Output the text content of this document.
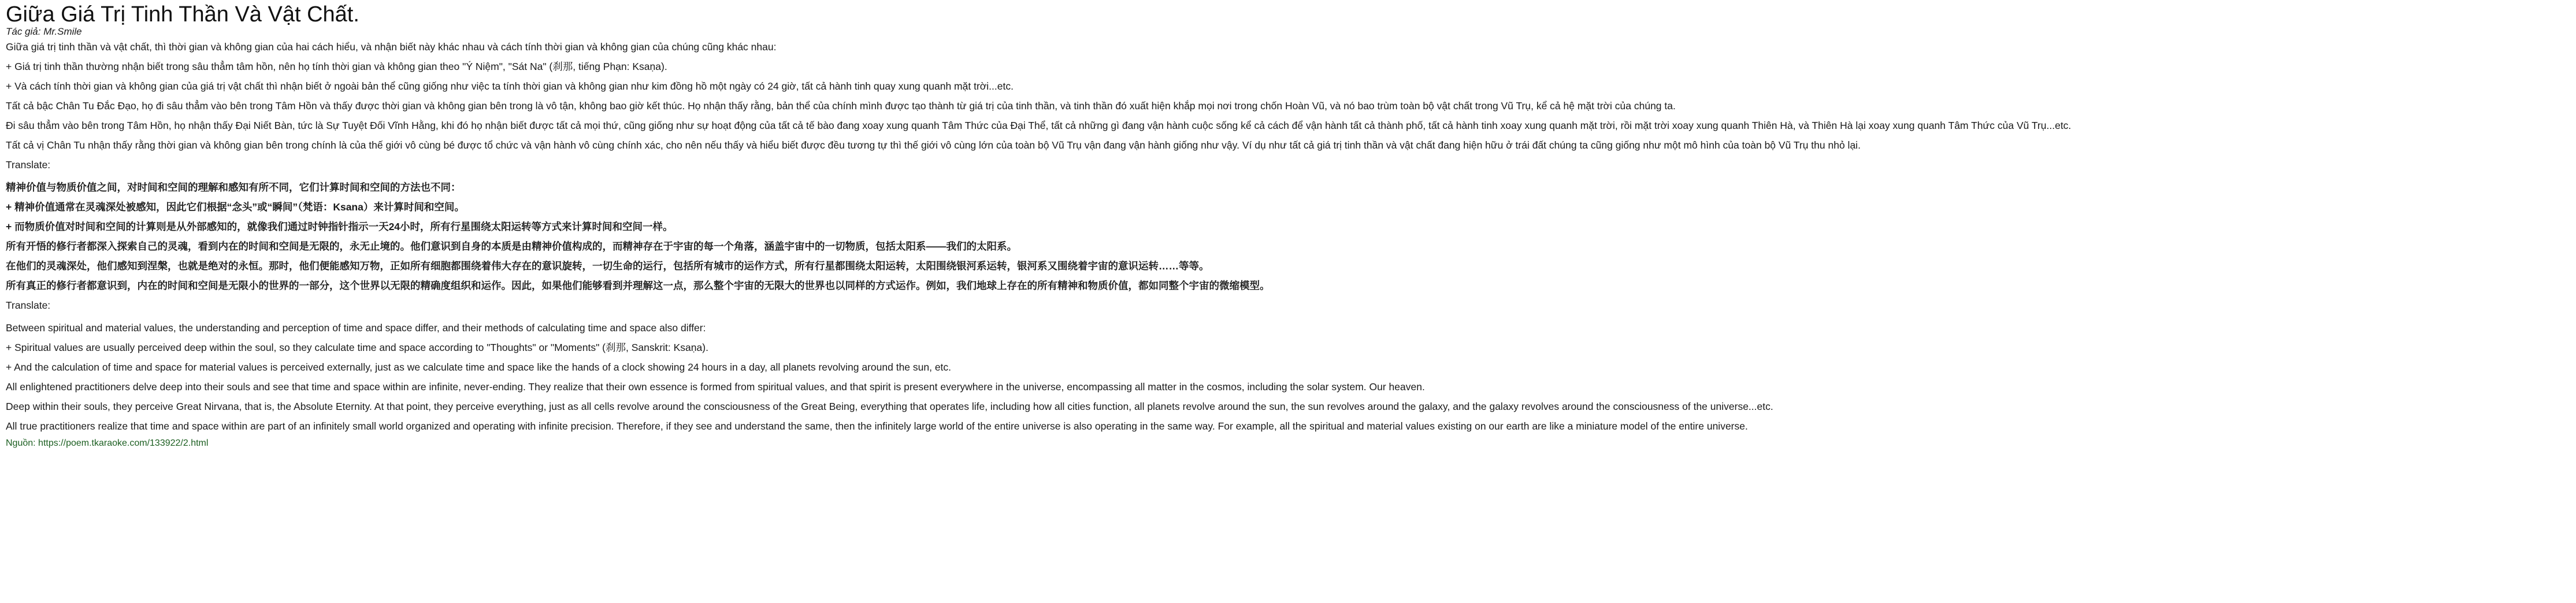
Giữa Giá Trị Tinh Thần Và Vật Chất.
Tác giả: Mr.Smile
Giữa giá trị tinh thần và vật chất, thì thời gian và không gian của hai cách hiểu, và nhận biết này khác nhau và cách tính thời gian và không gian của chúng cũng khác nhau:
+ Giá trị tinh thần thường nhận biết trong sâu thẳm tâm hồn, nên họ tính thời gian và không gian theo "Ý Niệm", "Sát Na" (刹那, tiếng Phạn: Ksaṇa).
+ Và cách tính thời gian và không gian của giá trị vật chất thì nhận biết ở ngoài bản thể cũng giống như việc ta tính thời gian và không gian như kim đồng hồ một ngày có 24 giờ, tất cả hành tinh quay xung quanh mặt trời...etc.
Tất cả bậc Chân Tu Đắc Đạo, họ đi sâu thẳm vào bên trong Tâm Hồn và thấy được thời gian và không gian bên trong là vô tận, không bao giờ kết thúc. Họ nhận thấy rằng, bản thể của chính mình được tạo thành từ giá trị của tinh thần, và tinh thần đó xuất hiện khắp mọi nơi trong chốn Hoàn Vũ, và nó bao trùm toàn bộ vật chất trong Vũ Trụ, kể cả hệ mặt trời của chúng ta.
Đi sâu thẳm vào bên trong Tâm Hồn, họ nhận thấy Đại Niết Bàn, tức là Sự Tuyệt Đối Vĩnh Hằng, khi đó họ nhận biết được tất cả mọi thứ, cũng giống như sự hoạt động của tất cả tế bào đang xoay xung quanh Tâm Thức của Đại Thể, tất cả những gì đang vận hành cuộc sống kể cả cách để vận hành tất cả thành phố, tất cả hành tinh xoay xung quanh mặt trời, rồi mặt trời xoay xung quanh Thiên Hà, và Thiên Hà lại xoay xung quanh Tâm Thức của Vũ Trụ...etc.
Tất cả vị Chân Tu nhận thấy rằng thời gian và không gian bên trong chính là của thế giới vô cùng bé được tổ chức và vận hành vô cùng chính xác, cho nên nếu thấy và hiểu biết được đều tương tự thì thế giới vô cùng lớn của toàn bộ Vũ Trụ vận đang vận hành giống như vậy. Ví dụ như tất cả giá trị tinh thần và vật chất đang hiện hữu ở trái đất chúng ta cũng giống như một mô hình của toàn bộ Vũ Trụ thu nhỏ lại.
Translate:
精神价值与物质价值之间，对时间和空间的理解和感知有所不同，它们计算时间和空间的方法也不同：
+ 精神价值通常在灵魂深处被感知，因此它们根据“念头”或“瞬间”（梵语：Ksana）来计算时间和空间。
+ 而物质价值对时间和空间的计算则是从外部感知的，就像我们通过时钟指针指示一天24小时，所有行星围绕太阳运转等方式来计算时间和空间一样。
所有开悟的修行者都深入探索自己的灵魂，看到内在的时间和空间是无限的，永无止境的。他们意识到自身的本质是由精神价值构成的，而精神存在于宇宙的每一个角落，涵盖宇宙中的一切物质，包括太阳系——我们的太阳系。
在他们的灵魂深处，他们感知到涅槃，也就是绝对的永恒。那时，他们便能感知万物，正如所有细胞都围绕着伟大存在的意识旋转，一切生命的运行，包括所有城市的运作方式，所有行星都围绕太阳运转，太阳围绕银河系运转，银河系又围绕着宇宙的意识运转……等等。
所有真正的修行者都意识到，内在的时间和空间是无限小的世界的一部分，这个世界以无限的精确度组织和运作。因此，如果他们能够看到并理解这一点，那么整个宇宙的无限大的世界也以同样的方式运作。例如，我们地球上存在的所有精神和物质价值，都如同整个宇宙的微缩模型。
Translate:
Between spiritual and material values, the understanding and perception of time and space differ, and their methods of calculating time and space also differ:
+ Spiritual values are usually perceived deep within the soul, so they calculate time and space according to "Thoughts" or "Moments" (刹那, Sanskrit: Ksaṇa).
+ And the calculation of time and space for material values is perceived externally, just as we calculate time and space like the hands of a clock showing 24 hours in a day, all planets revolving around the sun, etc.
All enlightened practitioners delve deep into their souls and see that time and space within are infinite, never-ending. They realize that their own essence is formed from spiritual values, and that spirit is present everywhere in the universe, encompassing all matter in the cosmos, including the solar system. Our heaven.
Deep within their souls, they perceive Great Nirvana, that is, the Absolute Eternity. At that point, they perceive everything, just as all cells revolve around the consciousness of the Great Being, everything that operates life, including how all cities function, all planets revolve around the sun, the sun revolves around the galaxy, and the galaxy revolves around the consciousness of the universe...etc.
All true practitioners realize that time and space within are part of an infinitely small world organized and operating with infinite precision. Therefore, if they see and understand the same, then the infinitely large world of the entire universe is also operating in the same way. For example, all the spiritual and material values existing on our earth are like a miniature model of the entire universe.
Nguồn: https://poem.tkaraoke.com/133922/2.html
